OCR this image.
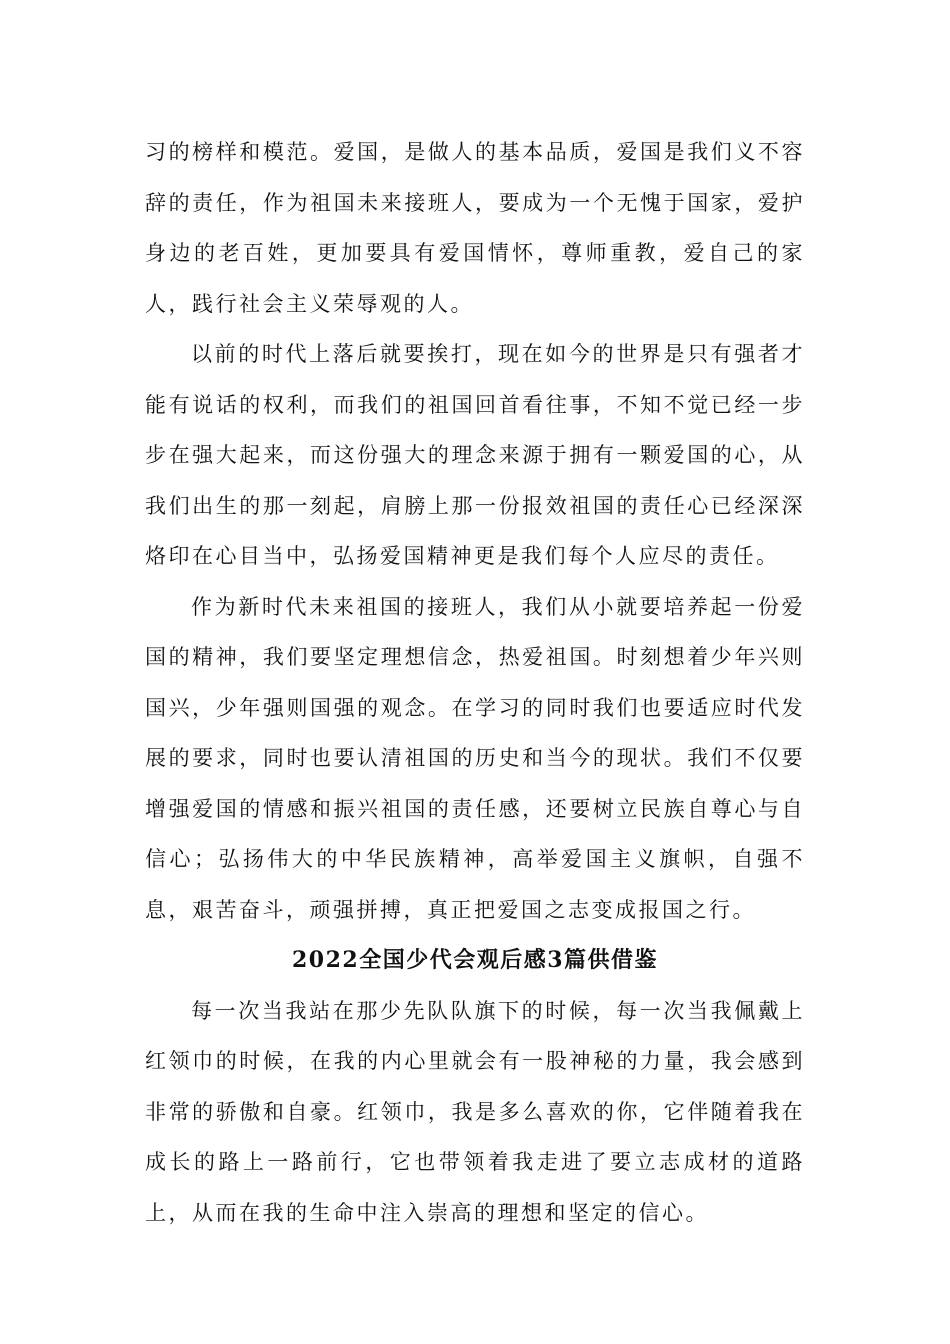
习的榜样和模范。爱国，是做人的基本品质，爱国是我们义不容辞的责任，作为祖国未来接班人，要成为一个无愧于国家，爱护身边的老百姓，更加要具有爱国情怀，尊师重教，爱自己的家人，践行社会主义荣辱观的人。

以前的时代上落后就要挨打，现在如今的世界是只有强者才能有说话的权利，而我们的祖国回首看往事，不知不觉已经一步步在强大起来，而这份强大的理念来源于拥有一颗爱国的心，从我们出生的那一刻起，肩膀上那一份报效祖国的责任心已经深深烙印在心目当中，弘扬爱国精神更是我们每个人应尽的责任。

作为新时代未来祖国的接班人，我们从小就要培养起一份爱国的精神，我们要坚定理想信念，热爱祖国。时刻想着少年兴则国兴，少年强则国强的观念。在学习的同时我们也要适应时代发展的要求，同时也要认清祖国的历史和当今的现状。我们不仅要增强爱国的情感和振兴祖国的责任感，还要树立民族自尊心与自信心；弘扬伟大的中华民族精神，高举爱国主义旗帜，自强不息，艰苦奋斗，顽强拼搏，真正把爱国之志变成报国之行。

2022全国少代会观后感3篇供借鉴

每一次当我站在那少先队队旗下的时候，每一次当我佩戴上红领巾的时候，在我的内心里就会有一股神秘的力量，我会感到非常的骄傲和自豪。红领巾，我是多么喜欢的你，它伴随着我在成长的路上一路前行，它也带领着我走进了要立志成材的道路上，从而在我的生命中注入崇高的理想和坚定的信心。
